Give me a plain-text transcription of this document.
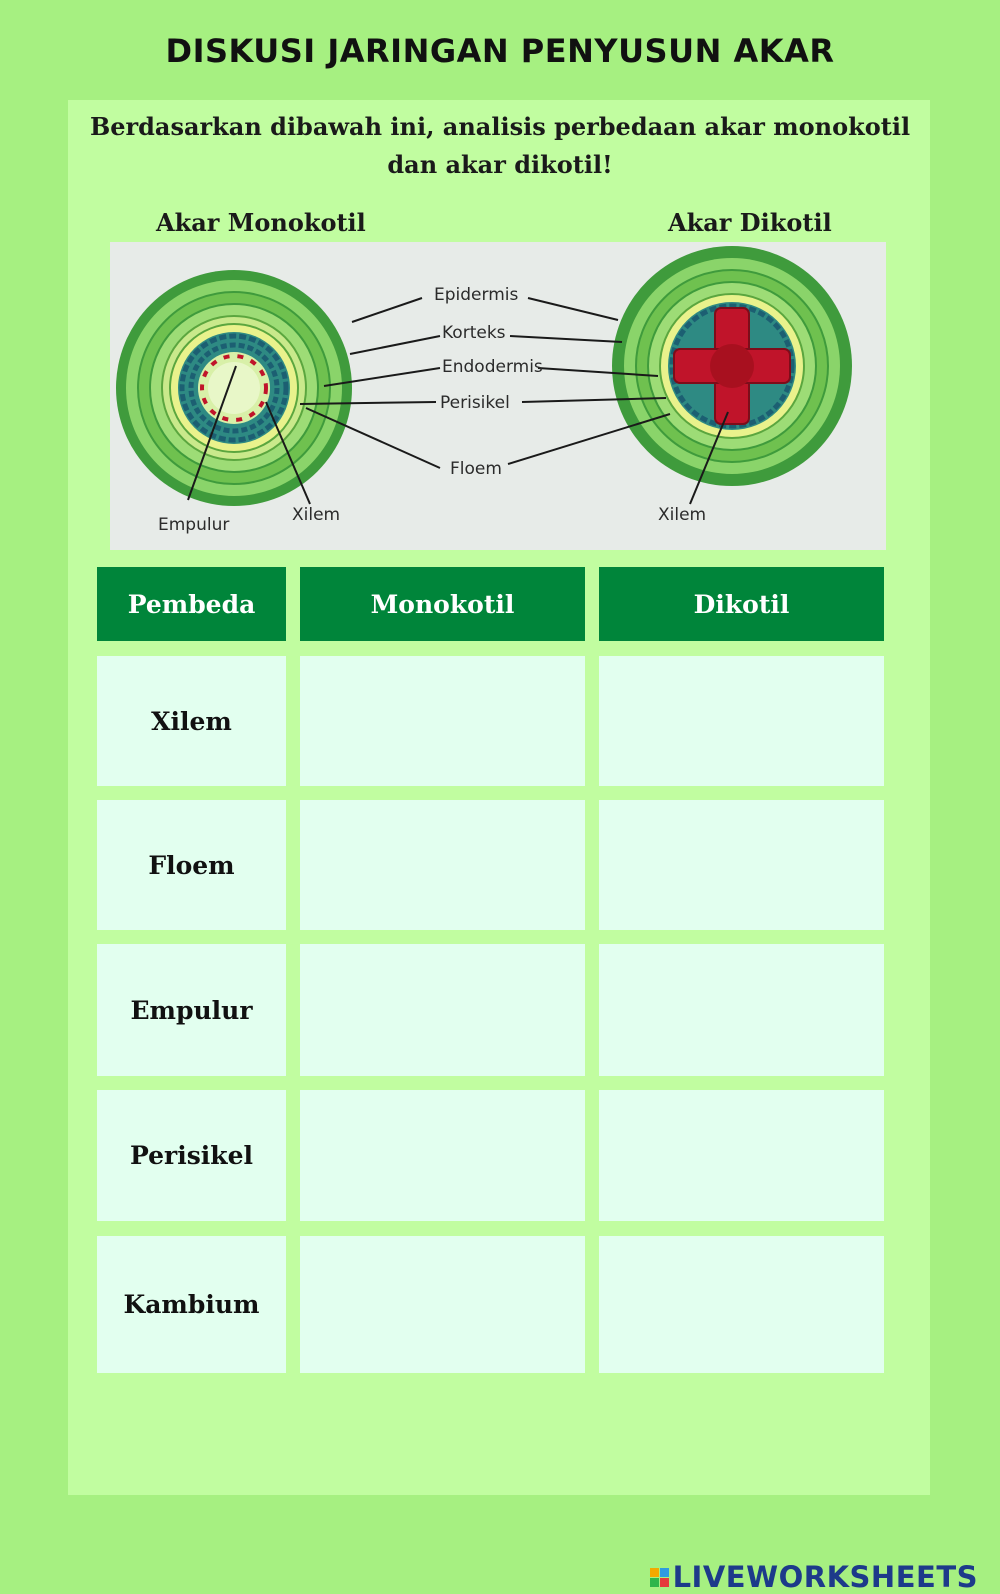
DISKUSI JARINGAN PENYUSUN AKAR
Berdasarkan dibawah ini, analisis perbedaan akar monokotil
dan akar dikotil!
Akar Monokotil	Akar Dikotil
Epidermis
Korteks
Endodermis
Perisikel
Floem
Empulur	Xilem	Xilem
Pembeda	Monokotil	Dikotil
Xilem
Floem
Empulur
Perisikel
Kambium
LIVEWORKSHEETS
